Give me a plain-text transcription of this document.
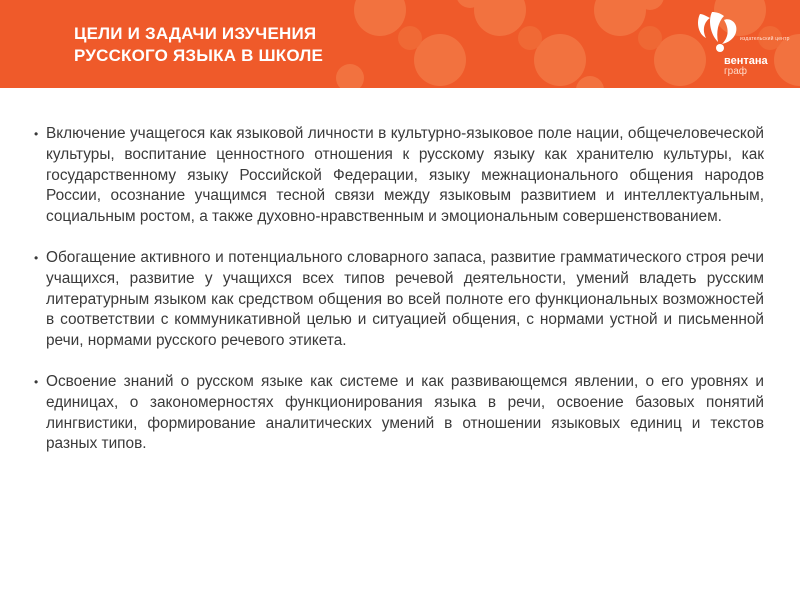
ЦЕЛИ И ЗАДАЧИ ИЗУЧЕНИЯ
РУССКОГО ЯЗЫКА В ШКОЛЕ
издательский центр
вентана
граф
• Включение учащегося как языковой личности в культурно-языковое поле нации, общечеловеческой культуры, воспитание ценностного отношения к русскому языку как хранителю культуры, как государственному языку Российской Федерации, языку межнационального общения народов России, осознание учащимся тесной связи между языковым развитием и интеллектуальным, социальным ростом, а также духовно-нравственным и эмоциональным совершенствованием.
• Обогащение активного и потенциального словарного запаса, развитие грамматического строя речи учащихся, развитие у учащихся всех типов речевой деятельности, умений владеть русским литературным языком как средством общения во всей полноте его функциональных возможностей в соответствии с коммуникативной целью и ситуацией общения, с нормами устной и письменной речи, нормами русского речевого этикета.
• Освоение знаний о русском языке как системе и как развивающемся явлении, о его уровнях и единицах, о закономерностях функционирования языка в речи, освоение базовых понятий лингвистики, формирование аналитических умений в отношении языковых единиц и текстов разных типов.
